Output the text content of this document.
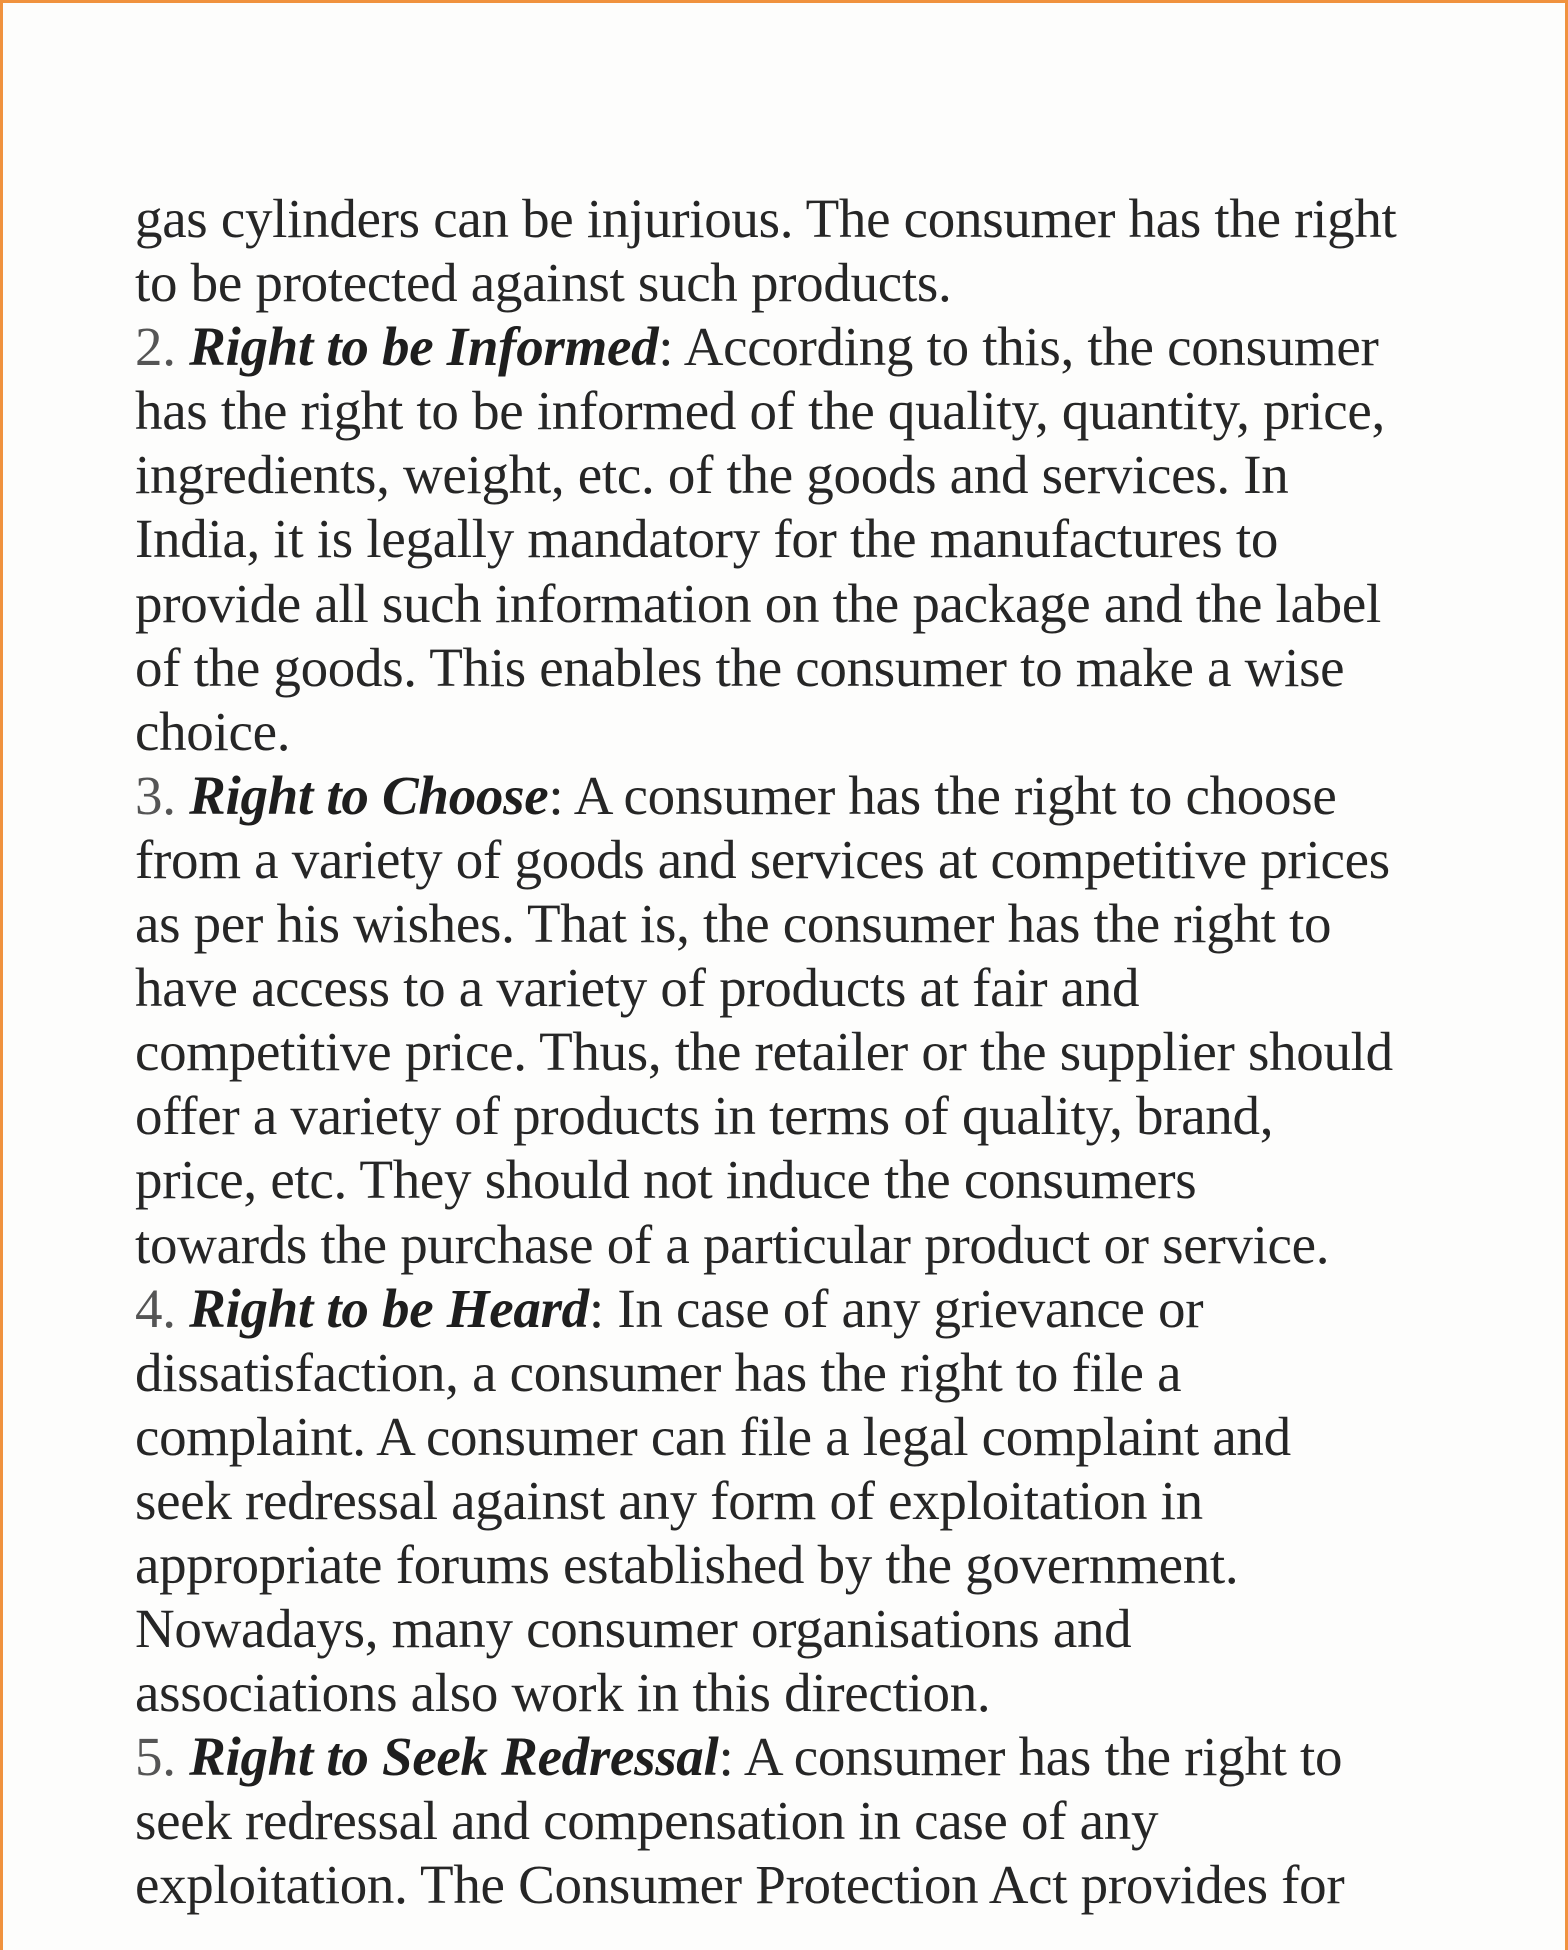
gas cylinders can be injurious. The consumer has the right
to be protected against such products.
2. Right to be Informed: According to this, the consumer
has the right to be informed of the quality, quantity, price,
ingredients, weight, etc. of the goods and services. In
India, it is legally mandatory for the manufactures to
provide all such information on the package and the label
of the goods. This enables the consumer to make a wise
choice.
3. Right to Choose: A consumer has the right to choose
from a variety of goods and services at competitive prices
as per his wishes. That is, the consumer has the right to
have access to a variety of products at fair and
competitive price. Thus, the retailer or the supplier should
offer a variety of products in terms of quality, brand,
price, etc. They should not induce the consumers
towards the purchase of a particular product or service.
4. Right to be Heard: In case of any grievance or
dissatisfaction, a consumer has the right to file a
complaint. A consumer can file a legal complaint and
seek redressal against any form of exploitation in
appropriate forums established by the government.
Nowadays, many consumer organisations and
associations also work in this direction.
5. Right to Seek Redressal: A consumer has the right to
seek redressal and compensation in case of any
exploitation. The Consumer Protection Act provides for
